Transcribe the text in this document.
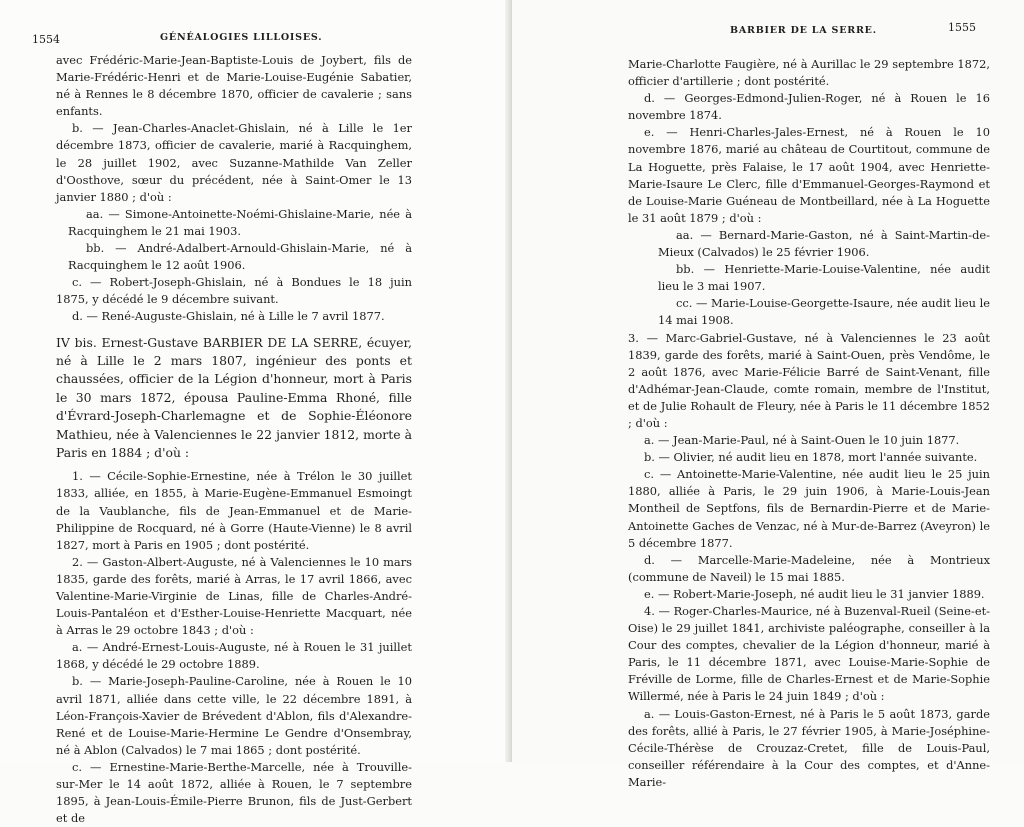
1554	GÉNÉALOGIES LILLOISES.

avec Frédéric-Marie-Jean-Baptiste-Louis de Joybert, fils de Marie-Frédéric-Henri et de Marie-Louise-Eugénie Sabatier, né à Rennes le 8 décembre 1870, officier de cavalerie ; sans enfants.

b. — Jean-Charles-Anaclet-Ghislain, né à Lille le 1er décembre 1873, officier de cavalerie, marié à Racquinghem, le 28 juillet 1902, avec Suzanne-Mathilde Van Zeller d'Oosthove, sœur du précédent, née à Saint-Omer le 13 janvier 1880 ; d'où :

aa. — Simone-Antoinette-Noémi-Ghislaine-Marie, née à Racquinghem le 21 mai 1903.

bb. — André-Adalbert-Arnould-Ghislain-Marie, né à Racquinghem le 12 août 1906.

c. — Robert-Joseph-Ghislain, né à Bondues le 18 juin 1875, y décédé le 9 décembre suivant.

d. — René-Auguste-Ghislain, né à Lille le 7 avril 1877.

IV bis. Ernest-Gustave BARBIER DE LA SERRE, écuyer, né à Lille le 2 mars 1807, ingénieur des ponts et chaussées, officier de la Légion d'honneur, mort à Paris le 30 mars 1872, épousa Pauline-Emma Rhoné, fille d'Évrard-Joseph-Charlemagne et de Sophie-Éléonore Mathieu, née à Valenciennes le 22 janvier 1812, morte à Paris en 1884 ; d'où :

1. — Cécile-Sophie-Ernestine, née à Trélon le 30 juillet 1833, alliée, en 1855, à Marie-Eugène-Emmanuel Esmoingt de la Vaublanche, fils de Jean-Emmanuel et de Marie-Philippine de Rocquard, né à Gorre (Haute-Vienne) le 8 avril 1827, mort à Paris en 1905 ; dont postérité.

2. — Gaston-Albert-Auguste, né à Valenciennes le 10 mars 1835, garde des forêts, marié à Arras, le 17 avril 1866, avec Valentine-Marie-Virginie de Linas, fille de Charles-André-Louis-Pantaléon et d'Esther-Louise-Henriette Macquart, née à Arras le 29 octobre 1843 ; d'où :

a. — André-Ernest-Louis-Auguste, né à Rouen le 31 juillet 1868, y décédé le 29 octobre 1889.

b. — Marie-Joseph-Pauline-Caroline, née à Rouen le 10 avril 1871, alliée dans cette ville, le 22 décembre 1891, à Léon-François-Xavier de Brévedent d'Ablon, fils d'Alexandre-René et de Louise-Marie-Hermine Le Gendre d'Onsembray, né à Ablon (Calvados) le 7 mai 1865 ; dont postérité.

c. — Ernestine-Marie-Berthe-Marcelle, née à Trouville-sur-Mer le 14 août 1872, alliée à Rouen, le 7 septembre 1895, à Jean-Louis-Émile-Pierre Brunon, fils de Just-Gerbert et de

BARBIER DE LA SERRE.	1555

Marie-Charlotte Faugière, né à Aurillac le 29 septembre 1872, officier d'artillerie ; dont postérité.

d. — Georges-Edmond-Julien-Roger, né à Rouen le 16 novembre 1874.

e. — Henri-Charles-Jales-Ernest, né à Rouen le 10 novembre 1876, marié au château de Courtitout, commune de La Hoguette, près Falaise, le 17 août 1904, avec Henriette-Marie-Isaure Le Clerc, fille d'Emmanuel-Georges-Raymond et de Louise-Marie Guéneau de Montbeillard, née à La Hoguette le 31 août 1879 ; d'où :

aa. — Bernard-Marie-Gaston, né à Saint-Martin-de-Mieux (Calvados) le 25 février 1906.

bb. — Henriette-Marie-Louise-Valentine, née audit lieu le 3 mai 1907.

cc. — Marie-Louise-Georgette-Isaure, née audit lieu le 14 mai 1908.

3. — Marc-Gabriel-Gustave, né à Valenciennes le 23 août 1839, garde des forêts, marié à Saint-Ouen, près Vendôme, le 2 août 1876, avec Marie-Félicie Barré de Saint-Venant, fille d'Adhémar-Jean-Claude, comte romain, membre de l'Institut, et de Julie Rohault de Fleury, née à Paris le 11 décembre 1852 ; d'où :

a. — Jean-Marie-Paul, né à Saint-Ouen le 10 juin 1877.

b. — Olivier, né audit lieu en 1878, mort l'année suivante.

c. — Antoinette-Marie-Valentine, née audit lieu le 25 juin 1880, alliée à Paris, le 29 juin 1906, à Marie-Louis-Jean Montheil de Septfons, fils de Bernardin-Pierre et de Marie-Antoinette Gaches de Venzac, né à Mur-de-Barrez (Aveyron) le 5 décembre 1877.

d. — Marcelle-Marie-Madeleine, née à Montrieux (commune de Naveil) le 15 mai 1885.

e. — Robert-Marie-Joseph, né audit lieu le 31 janvier 1889.

4. — Roger-Charles-Maurice, né à Buzenval-Rueil (Seine-et-Oise) le 29 juillet 1841, archiviste paléographe, conseiller à la Cour des comptes, chevalier de la Légion d'honneur, marié à Paris, le 11 décembre 1871, avec Louise-Marie-Sophie de Fréville de Lorme, fille de Charles-Ernest et de Marie-Sophie Willermé, née à Paris le 24 juin 1849 ; d'où :

a. — Louis-Gaston-Ernest, né à Paris le 5 août 1873, garde des forêts, allié à Paris, le 27 février 1905, à Marie-Joséphine-Cécile-Thérèse de Crouzaz-Cretet, fille de Louis-Paul, conseiller référendaire à la Cour des comptes, et d'Anne-Marie-
